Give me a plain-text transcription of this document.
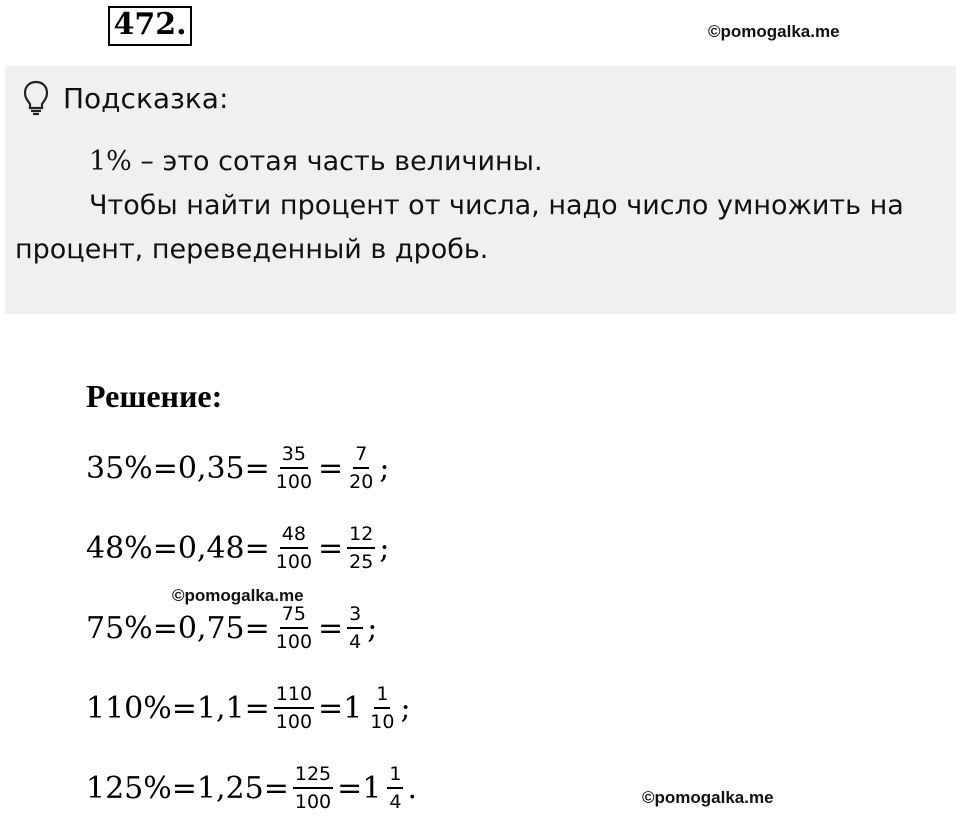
472.	©pomogalka.me
Подсказка:

1% – это сотая часть величины.

Чтобы найти процент от числа, надо число умножить на процент, переведенный в дробь.

Решение:
$35\% = 0,35 = \frac{35}{100} = \frac{7}{20}$ ;
$48\% = 0,48 = \frac{48}{100} = \frac{12}{25}$ ;
$75\% = 0,75 = \frac{75}{100} = \frac{3}{4}$ ;
$110\% = 1,1 = \frac{110}{100} = 1 \frac{1}{10}$ ;
$125\% = 1,25 = \frac{125}{100} = 1 \frac{1}{4}$ .
©pomogalka.me
©pomogalka.me
